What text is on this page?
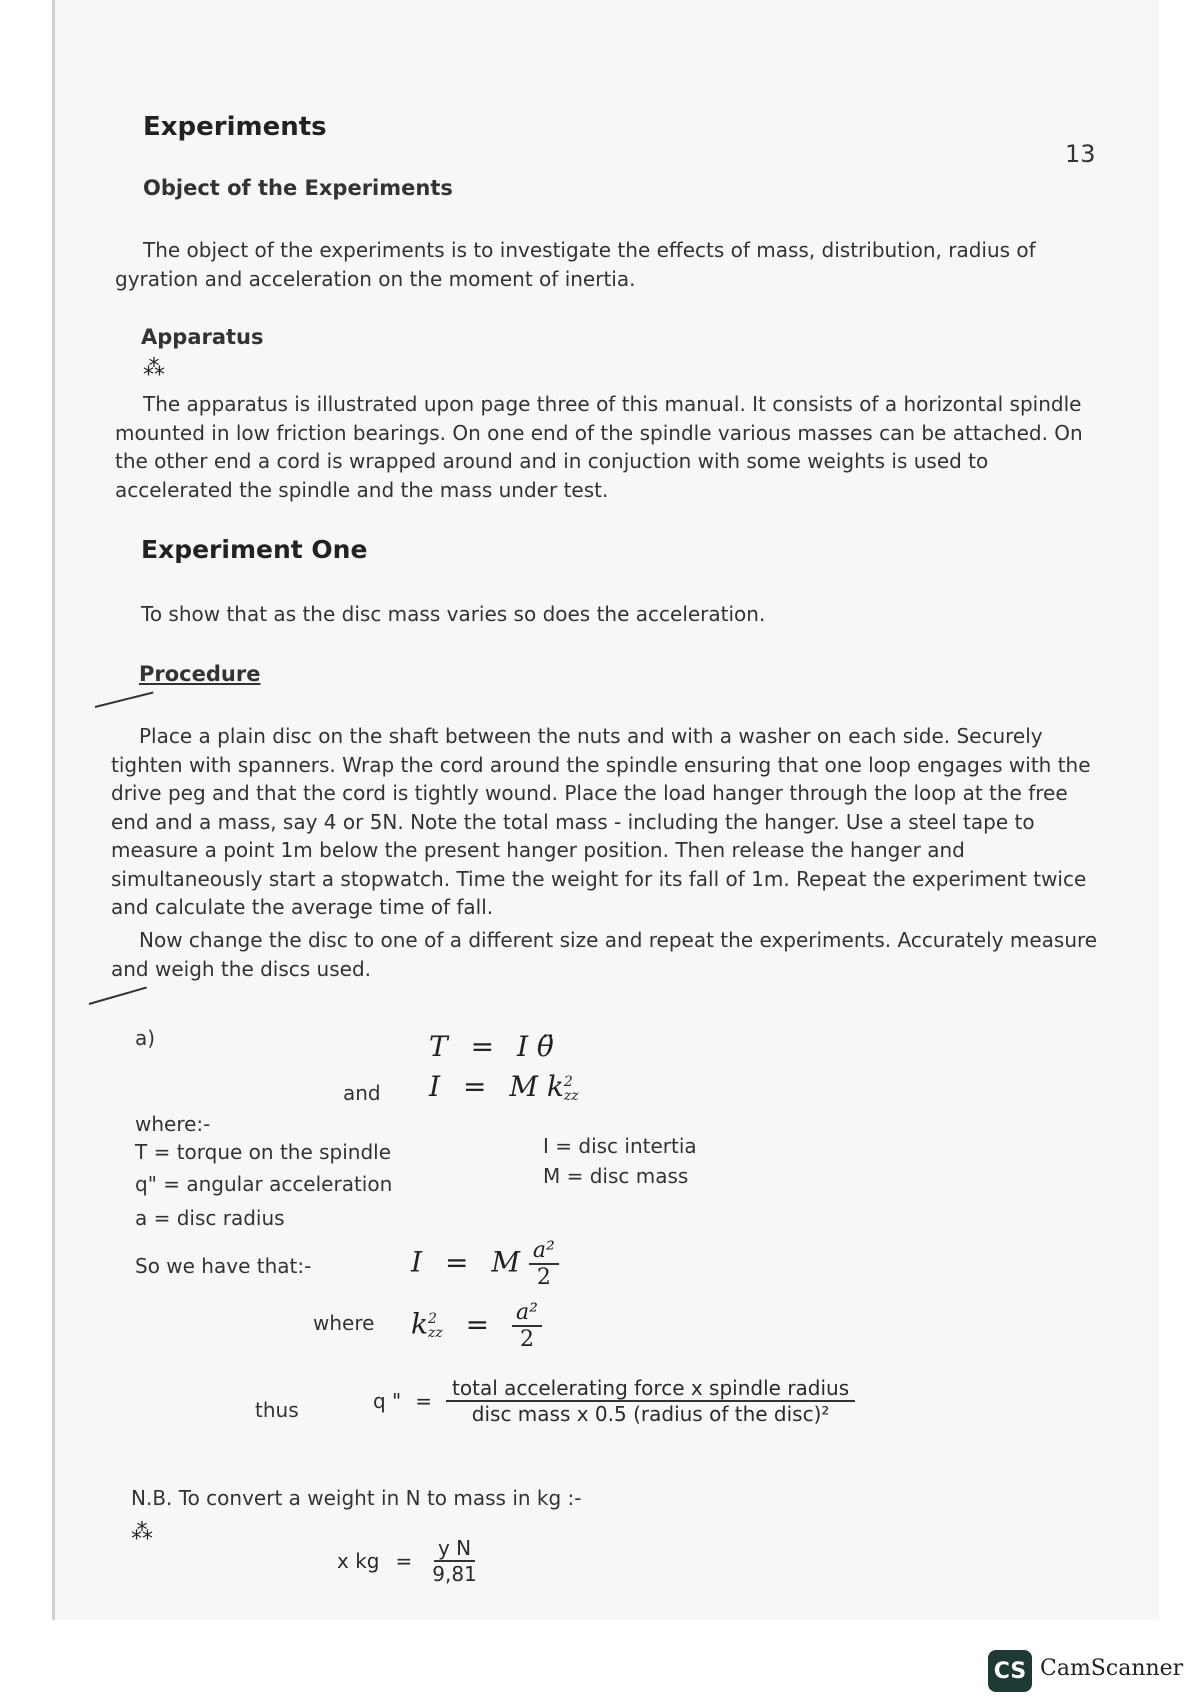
Experiments
13
Object of the Experiments
The object of the experiments is to investigate the effects of mass, distribution, radius of gyration and acceleration on the moment of inertia.
Apparatus
⁂
The apparatus is illustrated upon page three of this manual. It consists of a horizontal spindle mounted in low friction bearings. On one end of the spindle various masses can be attached. On the other end a cord is wrapped around and in conjuction with some weights is used to accelerated the spindle and the mass under test.
Experiment One
To show that as the disc mass varies so does the acceleration.
Procedure
Place a plain disc on the shaft between the nuts and with a washer on each side. Securely tighten with spanners. Wrap the cord around the spindle ensuring that one loop engages with the drive peg and that the cord is tightly wound. Place the load hanger through the loop at the free end and a mass, say 4 or 5N. Note the total mass - including the hanger. Use a steel tape to measure a point 1m below the present hanger position. Then release the hanger and simultaneously start a stopwatch. Time the weight for its fall of 1m. Repeat the experiment twice and calculate the average time of fall.
Now change the disc to one of a different size and repeat the experiments. Accurately measure and weigh the discs used.
a)	T = I θ̈
and I = M k 2
zz
where:-
T = torque on the spindle
q" = angular acceleration
a = disc radius
I = disc intertia
M = disc mass
So we have that:-	I = M $\frac{\text{a²}}{2}$
where k 2
zz = $\frac{\text{a²}}{2}$
thus	q " = $\frac{\text{total accelerating force x spindle radius}}{\text{disc mass x 0.5 (radius of the disc)²}}$
N.B. To convert a weight in N to mass in kg :-
⁂
x kg = $\frac{\text{y N}}{9,81}$
CS CamScanner
